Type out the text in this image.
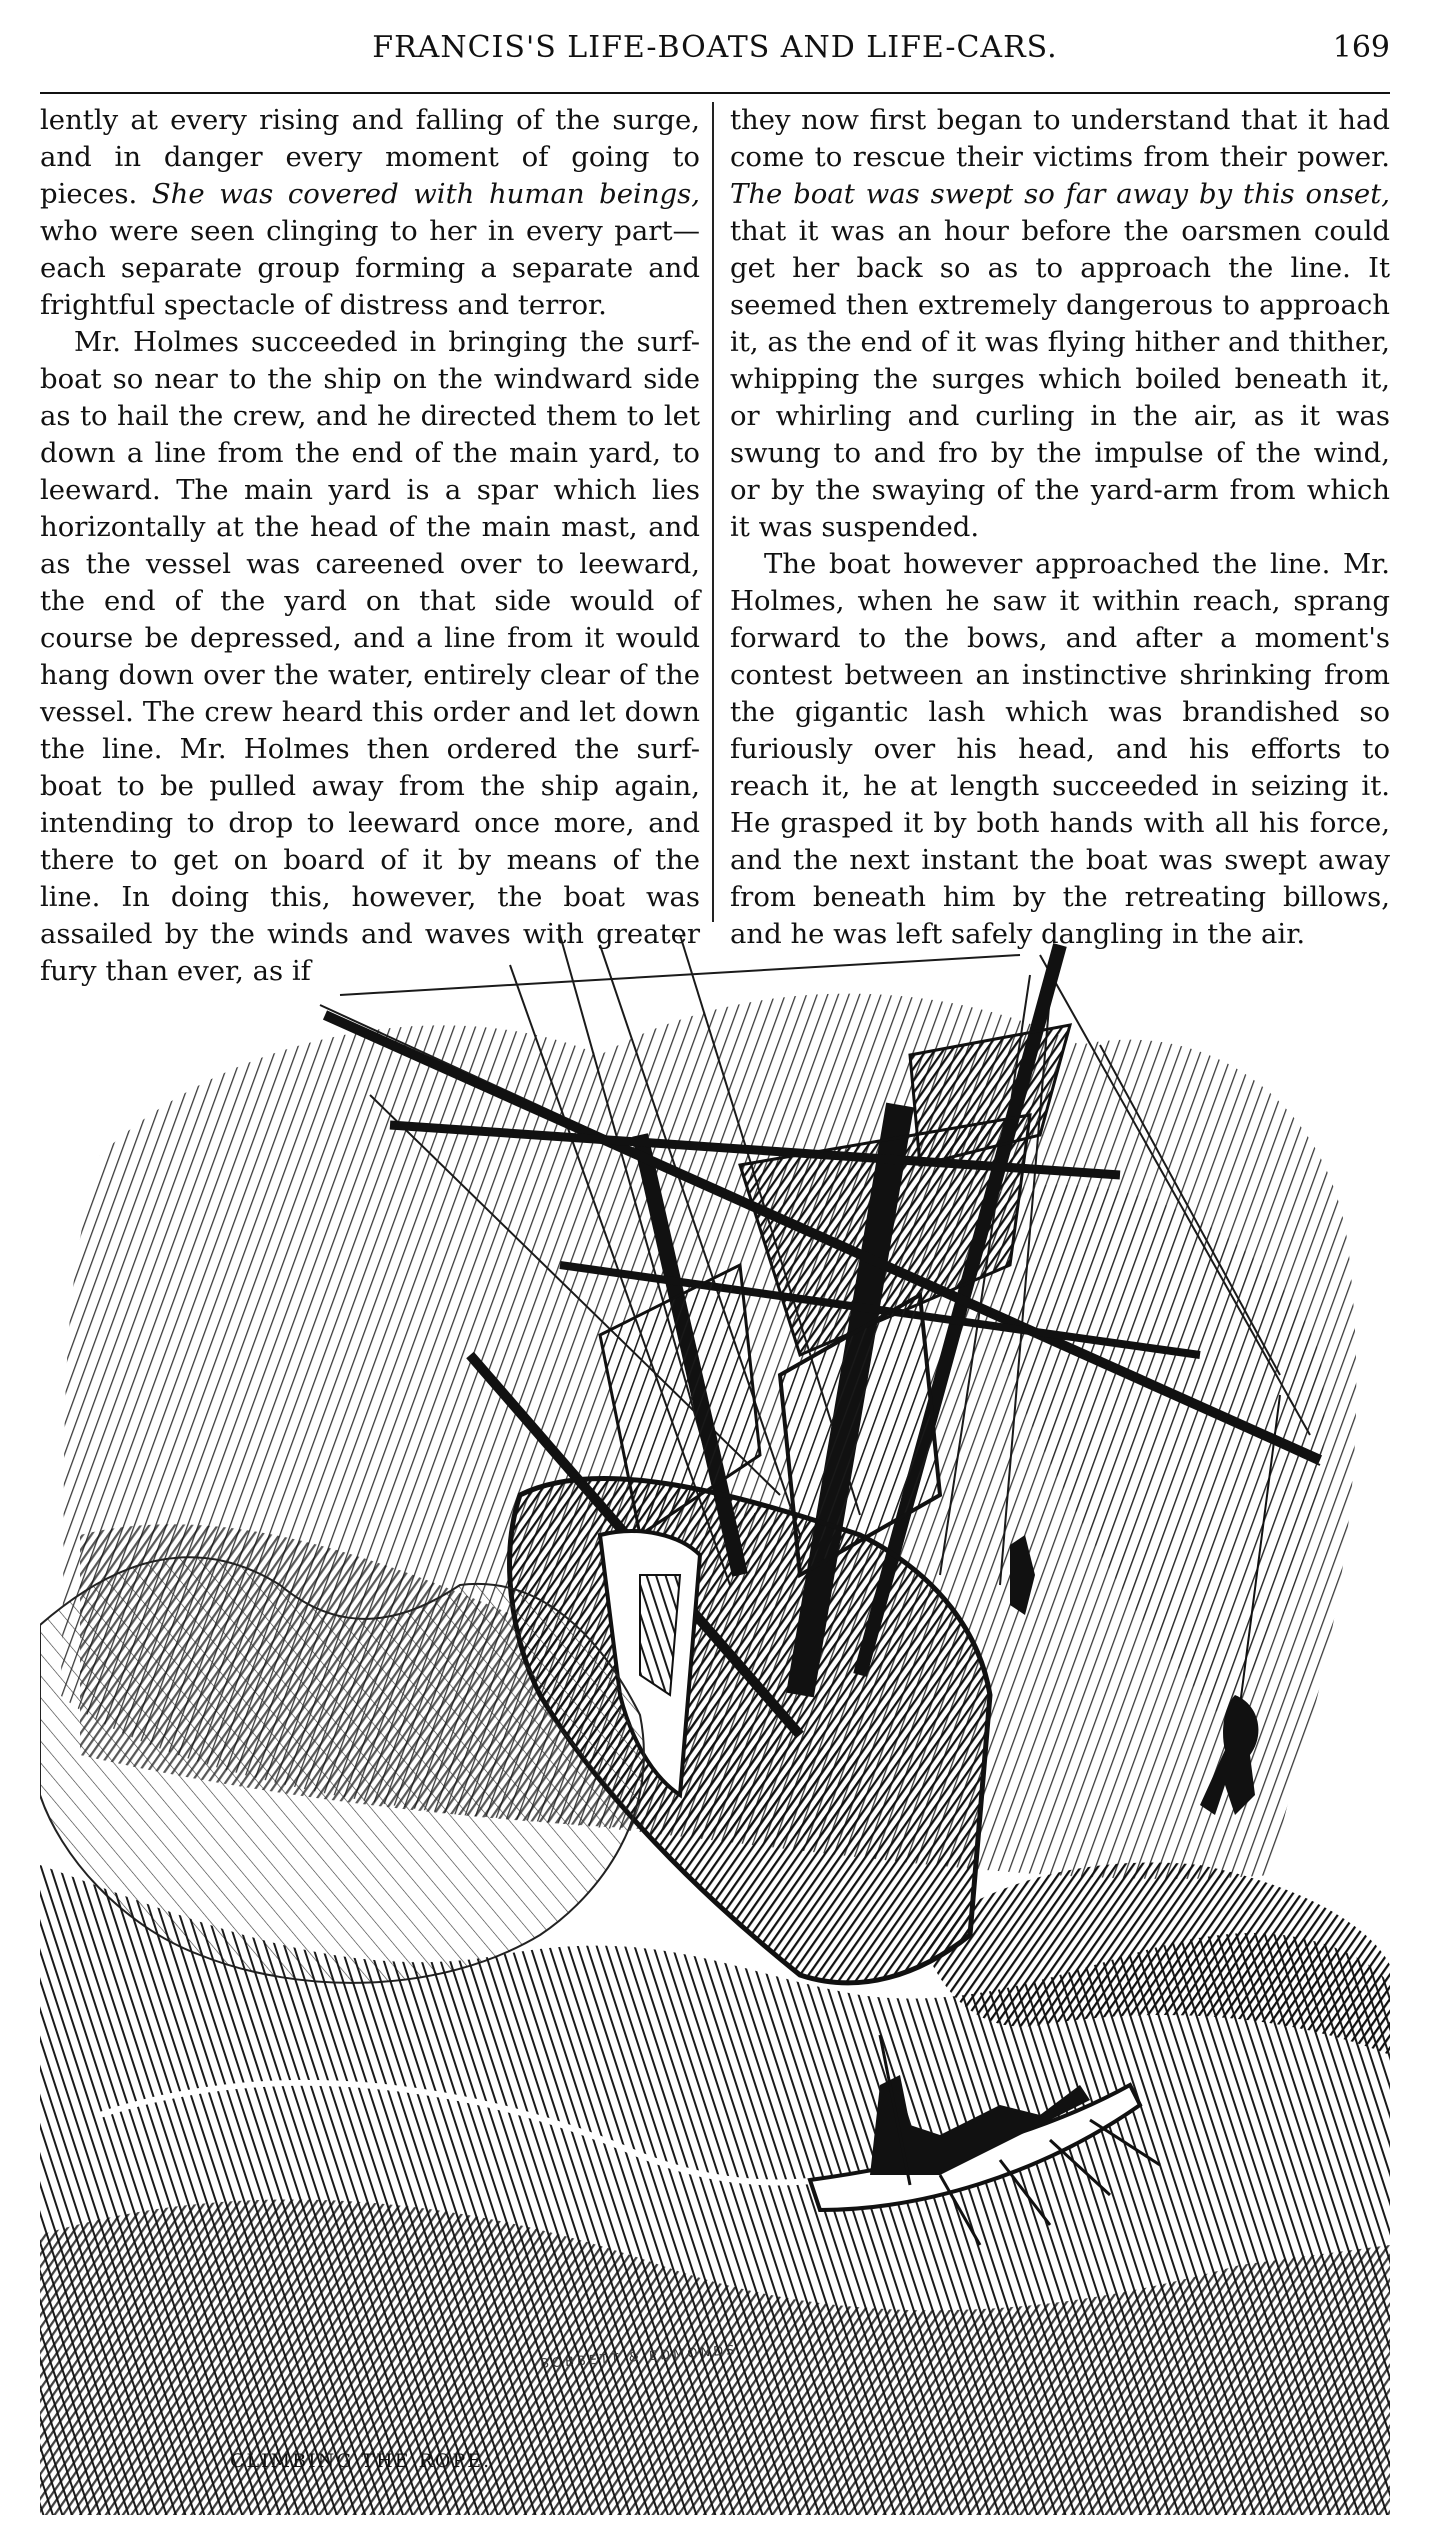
FRANCIS'S LIFE-BOATS AND LIFE-CARS.	169

lently at every rising and falling of the surge, and in danger every moment of going to pieces. She was covered with human beings, who were seen clinging to her in every part—each separate group forming a separate and frightful spectacle of distress and terror.

Mr. Holmes succeeded in bringing the surf-boat so near to the ship on the windward side as to hail the crew, and he directed them to let down a line from the end of the main yard, to leeward. The main yard is a spar which lies horizontally at the head of the main mast, and as the vessel was careened over to leeward, the end of the yard on that side would of course be depressed, and a line from it would hang down over the water, entirely clear of the vessel. The crew heard this order and let down the line. Mr. Holmes then ordered the surf-boat to be pulled away from the ship again, intending to drop to leeward once more, and there to get on board of it by means of the line. In doing this, however, the boat was assailed by the winds and waves with greater fury than ever, as if

they now first began to understand that it had come to rescue their victims from their power. The boat was swept so far away by this onset, that it was an hour before the oarsmen could get her back so as to approach the line. It seemed then extremely dangerous to approach it, as the end of it was flying hither and thither, whipping the surges which boiled beneath it, or whirling and curling in the air, as it was swung to and fro by the impulse of the wind, or by the swaying of the yard-arm from which it was suspended.

The boat however approached the line. Mr. Holmes, when he saw it within reach, sprang forward to the bows, and after a moment's contest between an instinctive shrinking from the gigantic lash which was brandished so furiously over his head, and his efforts to reach it, he at length succeeded in seizing it. He grasped it by both hands with all his force, and the next instant the boat was swept away from beneath him by the retreating billows, and he was left safely dangling in the air.

BOBBETT & EDMONDS
CLIMBING THE ROPE.
